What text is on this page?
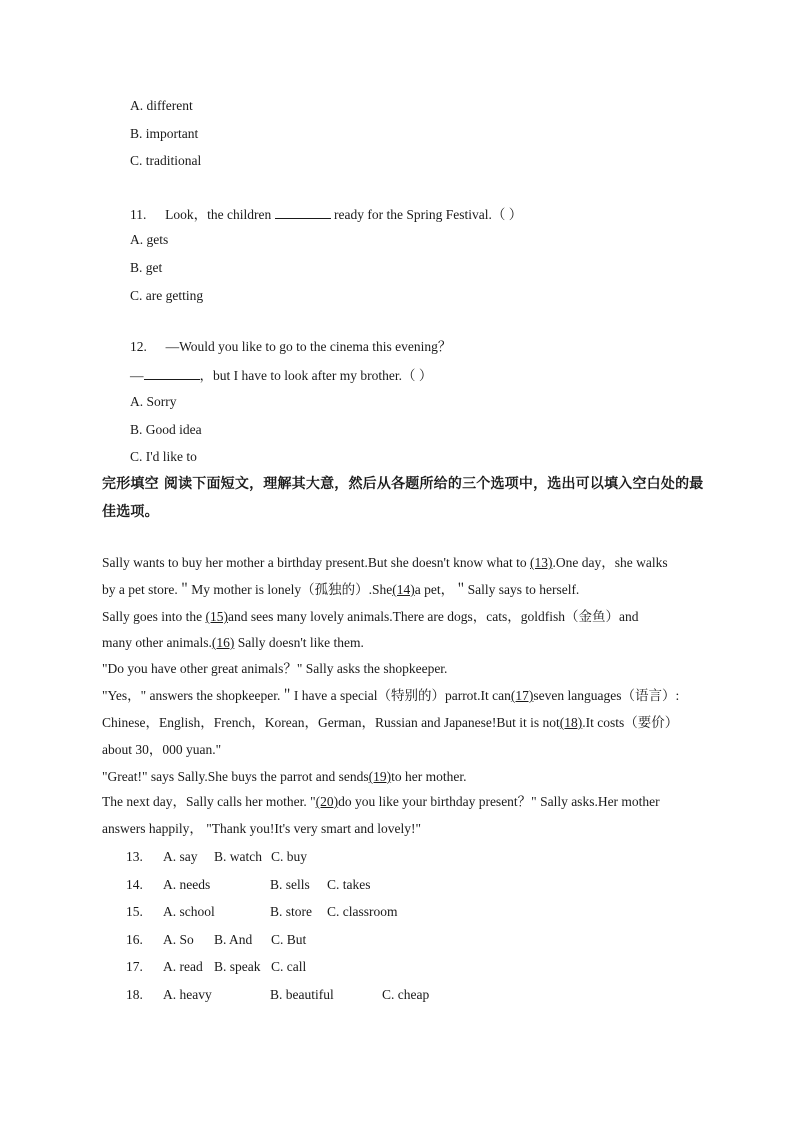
A. different
B. important
C. traditional
11. Look，the children	ready for the Spring Festival.（ ）
A. gets
B. get
C. are getting
12. —Would you like to go to the cinema this evening？
—	，but I have to look after my brother.（ ）
A. Sorry
B. Good idea
C. I'd like to
完形填空 阅读下面短文，理解其大意，然后从各题所给的三个选项中，选出可以填入空白处的最
佳选项。
Sally wants to buy her mother a birthday present.But she doesn't know what to (13).One day，she walks
by a pet store.＂My mother is lonely（孤独的）.She(14)a pet，＂Sally says to herself.
Sally goes into the (15)and sees many lovely animals.There are dogs，cats，goldfish（金鱼）and
many other animals.(16) Sally doesn't like them.
"Do you have other great animals？" Sally asks the shopkeeper.
"Yes，" answers the shopkeeper.＂I have a special（特别的）parrot.It can(17)seven languages（语言）:
Chinese，English，French，Korean，German，Russian and Japanese!But it is not(18).It costs（要价）
about 30，000 yuan."
"Great!" says Sally.She buys the parrot and sends(19)to her mother.
The next day，Sally calls her mother. "(20)do you like your birthday present？" Sally asks.Her mother
answers happily， "Thank you!It's very smart and lovely!"
13. A. say B. watch C. buy
14. A. needs	B. sells C. takes
15. A. school	B. store C. classroom
16. A. So B. And C. But
17. A. read B. speak C. call
18. A. heavy	B. beautiful	C. cheap
